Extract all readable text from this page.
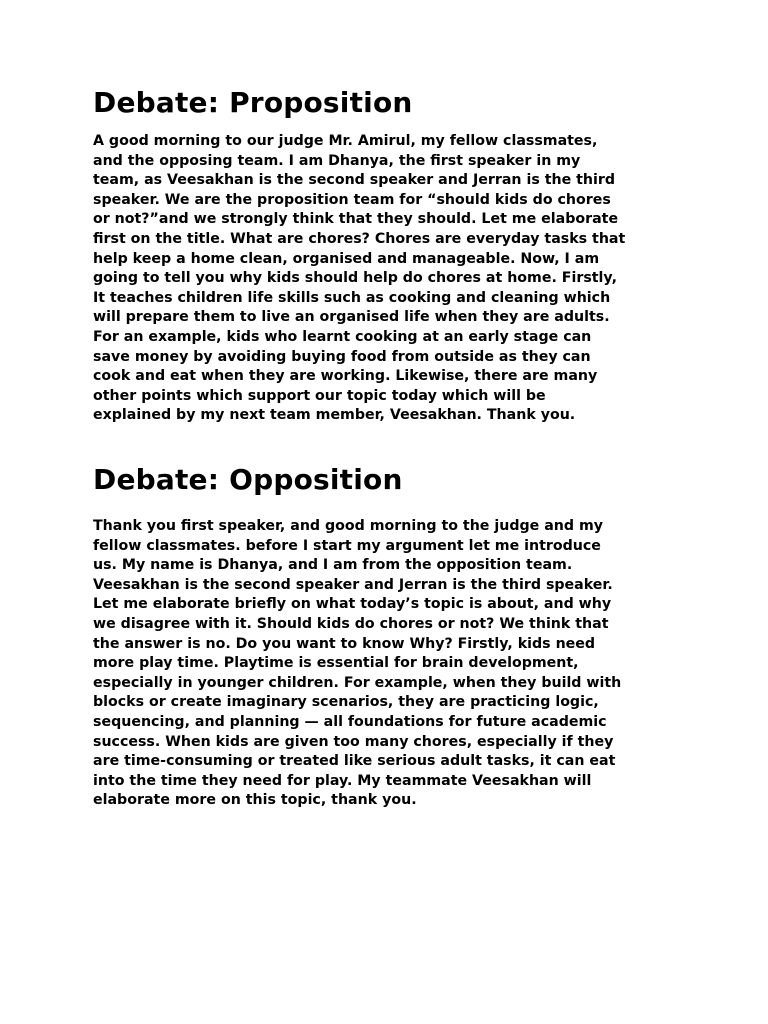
Debate: Proposition
A good morning to our judge Mr. Amirul, my fellow classmates,
and the opposing team. I am Dhanya, the first speaker in my
team, as Veesakhan is the second speaker and Jerran is the third
speaker. We are the proposition team for “should kids do chores
or not?”and we strongly think that they should. Let me elaborate
first on the title. What are chores? Chores are everyday tasks that
help keep a home clean, organised and manageable. Now, I am
going to tell you why kids should help do chores at home. Firstly,
It teaches children life skills such as cooking and cleaning which
will prepare them to live an organised life when they are adults.
For an example, kids who learnt cooking at an early stage can
save money by avoiding buying food from outside as they can
cook and eat when they are working. Likewise, there are many
other points which support our topic today which will be
explained by my next team member, Veesakhan. Thank you.
Debate: Opposition
Thank you first speaker, and good morning to the judge and my
fellow classmates. before I start my argument let me introduce
us. My name is Dhanya, and I am from the opposition team.
Veesakhan is the second speaker and Jerran is the third speaker.
Let me elaborate briefly on what today’s topic is about, and why
we disagree with it. Should kids do chores or not? We think that
the answer is no. Do you want to know Why? Firstly, kids need
more play time. Playtime is essential for brain development,
especially in younger children. For example, when they build with
blocks or create imaginary scenarios, they are practicing logic,
sequencing, and planning — all foundations for future academic
success. When kids are given too many chores, especially if they
are time-consuming or treated like serious adult tasks, it can eat
into the time they need for play. My teammate Veesakhan will
elaborate more on this topic, thank you.
